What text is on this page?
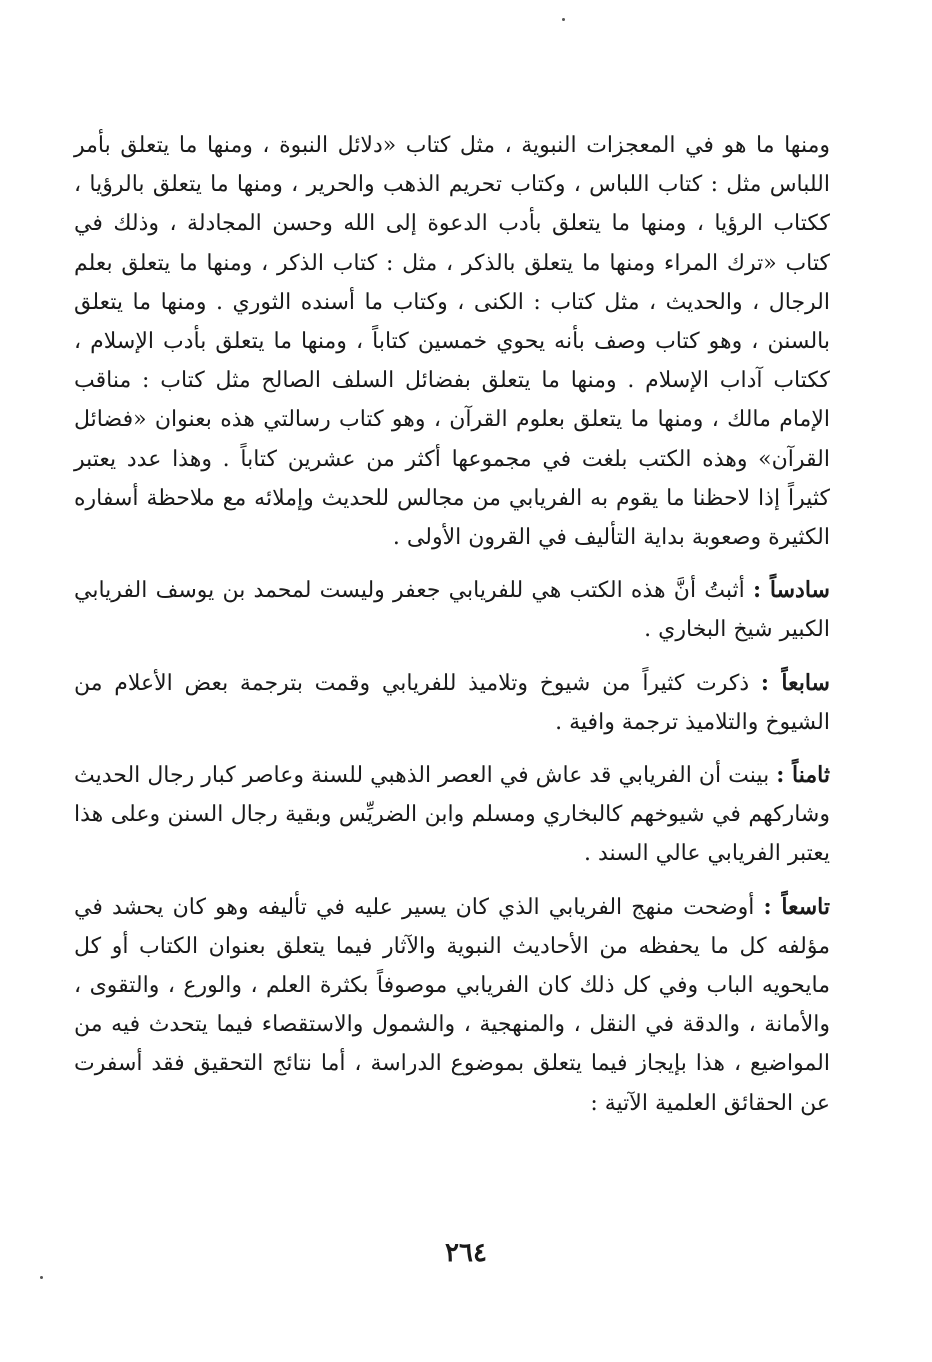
ومنها ما هو في المعجزات النبوية ، مثل كتاب «دلائل النبوة ، ومنها ما يتعلق بأمر اللباس مثل : كتاب اللباس ، وكتاب تحريم الذهب والحرير ، ومنها ما يتعلق بالرؤيا ، ككتاب الرؤيا ، ومنها ما يتعلق بأدب الدعوة إلى الله وحسن المجادلة ، وذلك في كتاب «ترك المراء ومنها ما يتعلق بالذكر ، مثل : كتاب الذكر ، ومنها ما يتعلق بعلم الرجال ، والحديث ، مثل كتاب : الكنى ، وكتاب ما أسنده الثوري . ومنها ما يتعلق بالسنن ، وهو كتاب وصف بأنه يحوي خمسين كتاباً ، ومنها ما يتعلق بأدب الإسلام ، ككتاب آداب الإسلام . ومنها ما يتعلق بفضائل السلف الصالح مثل كتاب : مناقب الإمام مالك ، ومنها ما يتعلق بعلوم القرآن ، وهو كتاب رسالتي هذه بعنوان «فضائل القرآن» وهذه الكتب بلغت في مجموعها أكثر من عشرين كتاباً . وهذا عدد يعتبر كثيراً إذا لاحظنا ما يقوم به الفريابي من مجالس للحديث وإملائه مع ملاحظة أسفاره الكثيرة وصعوبة بداية التأليف في القرون الأولى .

سادساً : أثبتُ أنَّ هذه الكتب هي للفريابي جعفر وليست لمحمد بن يوسف الفريابي الكبير شيخ البخاري .

سابعاً : ذكرت كثيراً من شيوخ وتلاميذ للفريابي وقمت بترجمة بعض الأعلام من الشيوخ والتلاميذ ترجمة وافية .

ثامناً : بينت أن الفريابي قد عاش في العصر الذهبي للسنة وعاصر كبار رجال الحديث وشاركهم في شيوخهم كالبخاري ومسلم وابن الضريِّس وبقية رجال السنن وعلى هذا يعتبر الفريابي عالي السند .

تاسعاً : أوضحت منهج الفريابي الذي كان يسير عليه في تأليفه وهو كان يحشد في مؤلفه كل ما يحفظه من الأحاديث النبوية والآثار فيما يتعلق بعنوان الكتاب أو كل مايحويه الباب وفي كل ذلك كان الفريابي موصوفاً بكثرة العلم ، والورع ، والتقوى ، والأمانة ، والدقة في النقل ، والمنهجية ، والشمول والاستقصاء فيما يتحدث فيه من المواضيع ، هذا بإيجاز فيما يتعلق بموضوع الدراسة ، أما نتائج التحقيق فقد أسفرت عن الحقائق العلمية الآتية :

٢٦٤
